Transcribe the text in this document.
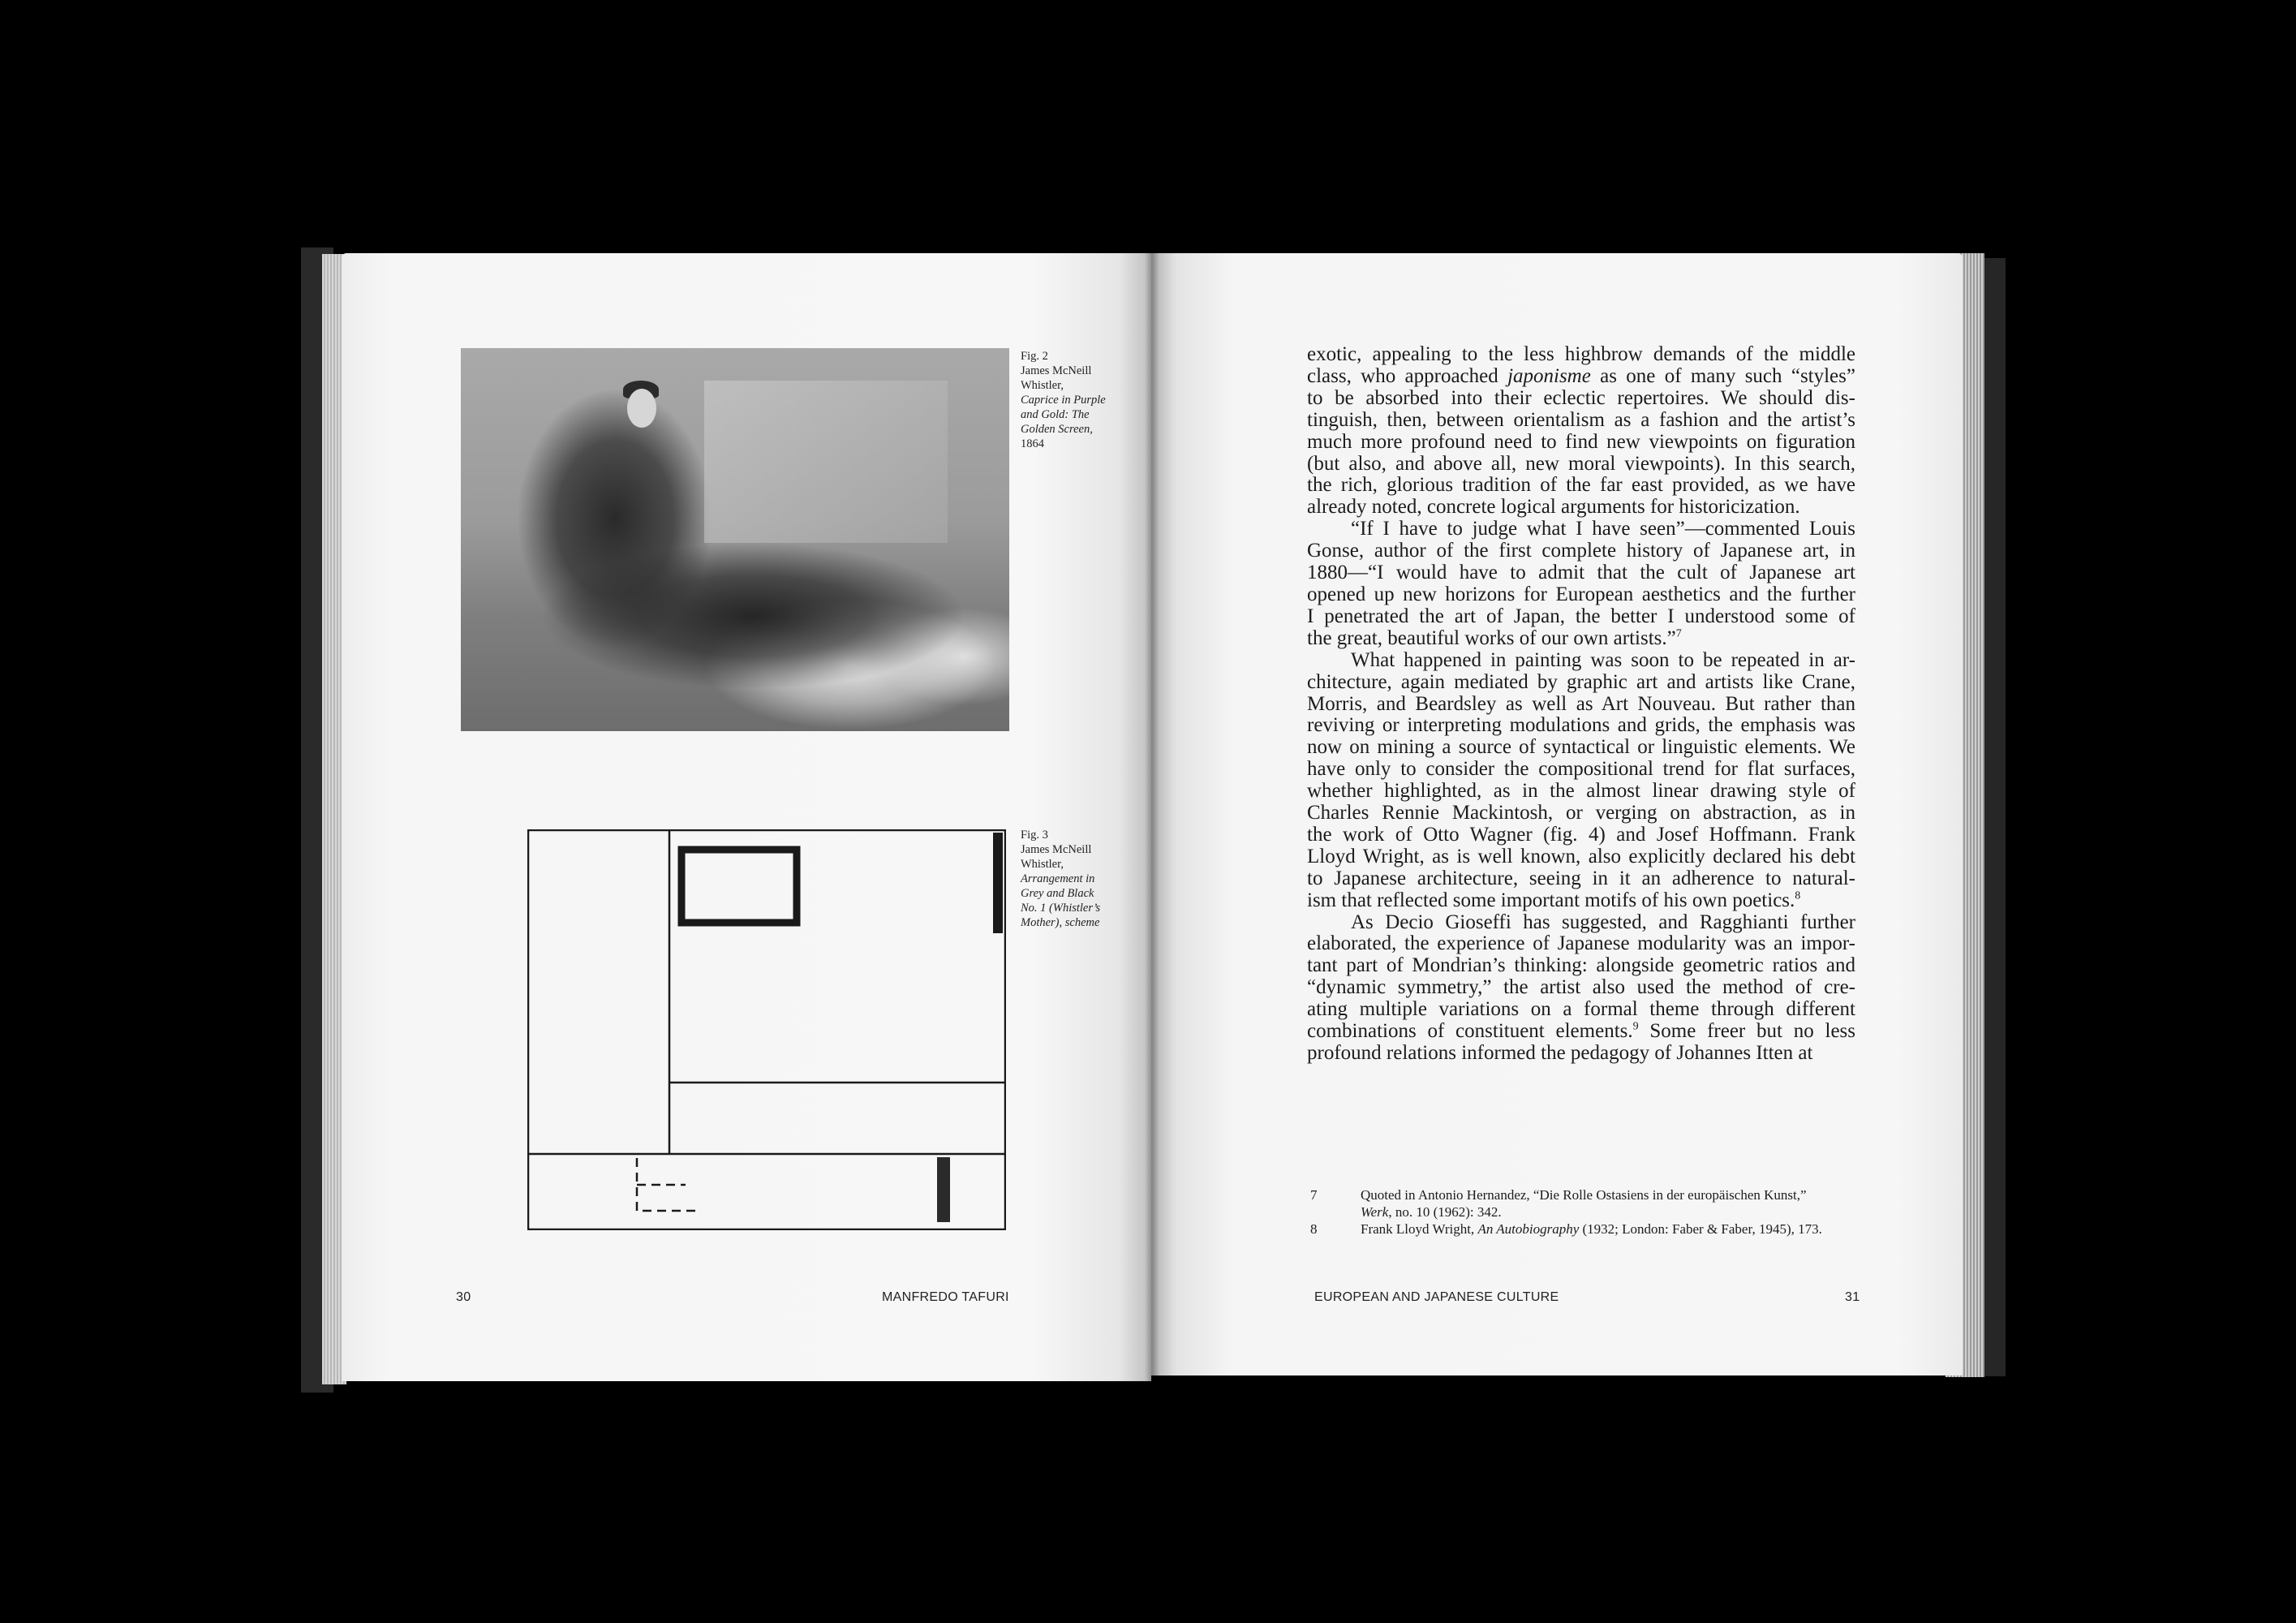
Fig. 2
James McNeill
Whistler,
Caprice in Purple
and Gold: The
Golden Screen,
1864
Fig. 3
James McNeill
Whistler,
Arrangement in
Grey and Black
No. 1 (Whistler’s
Mother), scheme
30	MANFREDO TAFURI

exotic, appealing to the less highbrow demands of the middle
class, who approached japonisme as one of many such “styles”
to be absorbed into their eclectic repertoires. We should dis-
tinguish, then, between orientalism as a fashion and the artist’s
much more profound need to find new viewpoints on figuration
(but also, and above all, new moral viewpoints). In this search,
the rich, glorious tradition of the far east provided, as we have
already noted, concrete logical arguments for historicization.

“If I have to judge what I have seen”—commented Louis
Gonse, author of the first complete history of Japanese art, in
1880—“I would have to admit that the cult of Japanese art
opened up new horizons for European aesthetics and the further
I penetrated the art of Japan, the better I understood some of
the great, beautiful works of our own artists.”$^7$

What happened in painting was soon to be repeated in ar-
chitecture, again mediated by graphic art and artists like Crane,
Morris, and Beardsley as well as Art Nouveau. But rather than
reviving or interpreting modulations and grids, the emphasis was
now on mining a source of syntactical or linguistic elements. We
have only to consider the compositional trend for flat surfaces,
whether highlighted, as in the almost linear drawing style of
Charles Rennie Mackintosh, or verging on abstraction, as in
the work of Otto Wagner (fig. 4) and Josef Hoffmann. Frank
Lloyd Wright, as is well known, also explicitly declared his debt
to Japanese architecture, seeing in it an adherence to natural-
ism that reflected some important motifs of his own poetics.$^8$

As Decio Gioseffi has suggested, and Ragghianti further
elaborated, the experience of Japanese modularity was an impor-
tant part of Mondrian’s thinking: alongside geometric ratios and
“dynamic symmetry,” the artist also used the method of cre-
ating multiple variations on a formal theme through different
combinations of constituent elements.$^9$ Some freer but no less
profound relations informed the pedagogy of Johannes Itten at

7	Quoted in Antonio Hernandez, “Die Rolle Ostasiens in der europäischen Kunst,”
Werk, no. 10 (1962): 342.
8	Frank Lloyd Wright, An Autobiography (1932; London: Faber & Faber, 1945), 173.
EUROPEAN AND JAPANESE CULTURE	31
